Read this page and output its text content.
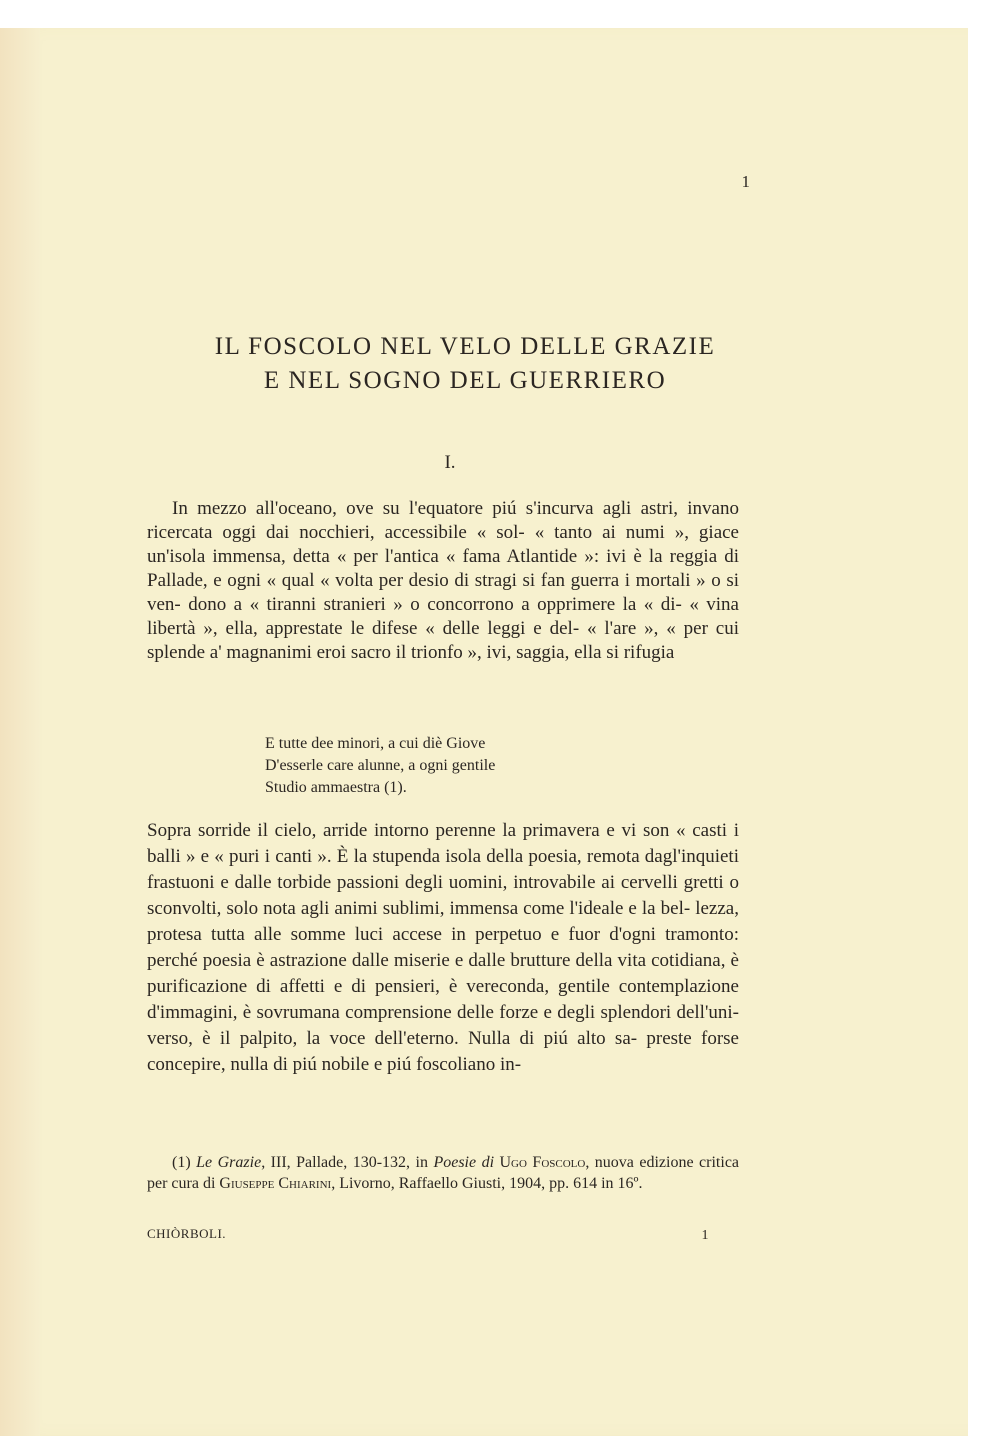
1
IL FOSCOLO NEL VELO DELLE GRAZIE
E NEL SOGNO DEL GUERRIERO
I.

In mezzo all'oceano, ove su l'equatore piú s'incurva agli astri, invano ricercata oggi dai nocchieri, accessibile « sol- « tanto ai numi », giace un'isola immensa, detta « per l'antica « fama Atlantide »: ivi è la reggia di Pallade, e ogni « qual « volta per desio di stragi si fan guerra i mortali » o si ven- dono a « tiranni stranieri » o concorrono a opprimere la « di- « vina libertà », ella, apprestate le difese « delle leggi e del- « l'are », « per cui splende a' magnanimi eroi sacro il trionfo », ivi, saggia, ella si rifugia

E tutte dee minori, a cui diè Giove
D'esserle care alunne, a ogni gentile
Studio ammaestra (1).

Sopra sorride il cielo, arride intorno perenne la primavera e vi son « casti i balli » e « puri i canti ». È la stupenda isola della poesia, remota dagl'inquieti frastuoni e dalle torbide passioni degli uomini, introvabile ai cervelli gretti o sconvolti, solo nota agli animi sublimi, immensa come l'ideale e la bel- lezza, protesa tutta alle somme luci accese in perpetuo e fuor d'ogni tramonto: perché poesia è astrazione dalle miserie e dalle brutture della vita cotidiana, è purificazione di affetti e di pensieri, è vereconda, gentile contemplazione d'immagini, è sovrumana comprensione delle forze e degli splendori dell'uni- verso, è il palpito, la voce dell'eterno. Nulla di piú alto sa- preste forse concepire, nulla di piú nobile e piú foscoliano in-

(1) Le Grazie, III, Pallade, 130-132, in Poesie di Ugo Foscolo, nuova edizione critica per cura di Giuseppe Chiarini, Livorno, Raffaello Giusti, 1904, pp. 614 in 16º.

CHIÒRBOLI.	1
